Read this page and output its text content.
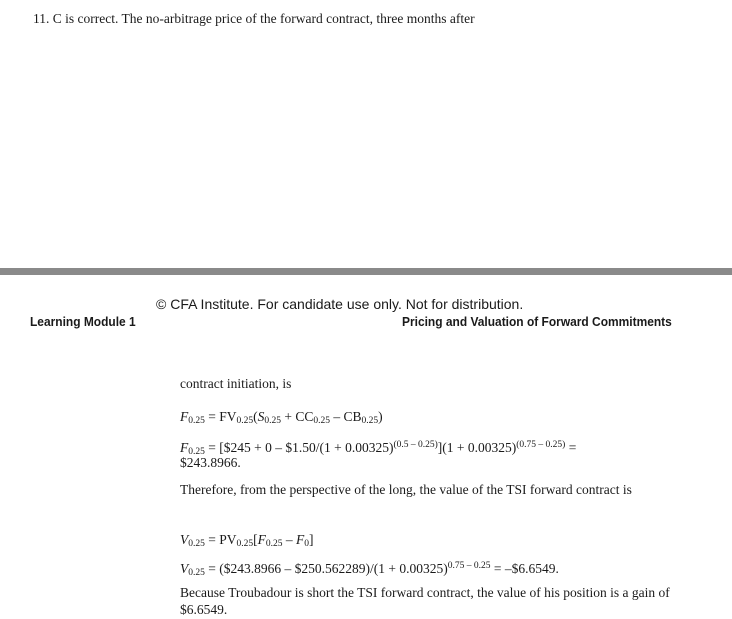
11. C is correct. The no-arbitrage price of the forward contract, three months after
© CFA Institute. For candidate use only. Not for distribution.
Learning Module 1	Pricing and Valuation of Forward Commitments
contract initiation, is
$F_{0.25} = FV_{0.25}(S_{0.25} + CC_{0.25} - CB_{0.25})$
$F_{0.25}$ = [$245 + 0 – $1.50/(1 + $0.00325)^{(0.5 - 0.25)}](1 + 0.00325)^{(0.75 - 0.25)}$ =
$243.8966.
Therefore, from the perspective of the long, the value of the TSI forward contract is
$V_{0.25} = PV_{0.25}[F_{0.25} - F_0]$
$V_{0.25}$ = ($243.8966 – $250.562289)/(1 + 0.00325)$^{0.75 - 0.25}$ = –$6.6549.
Because Troubadour is short the TSI forward contract, the value of his position is a gain of $6.6549.
